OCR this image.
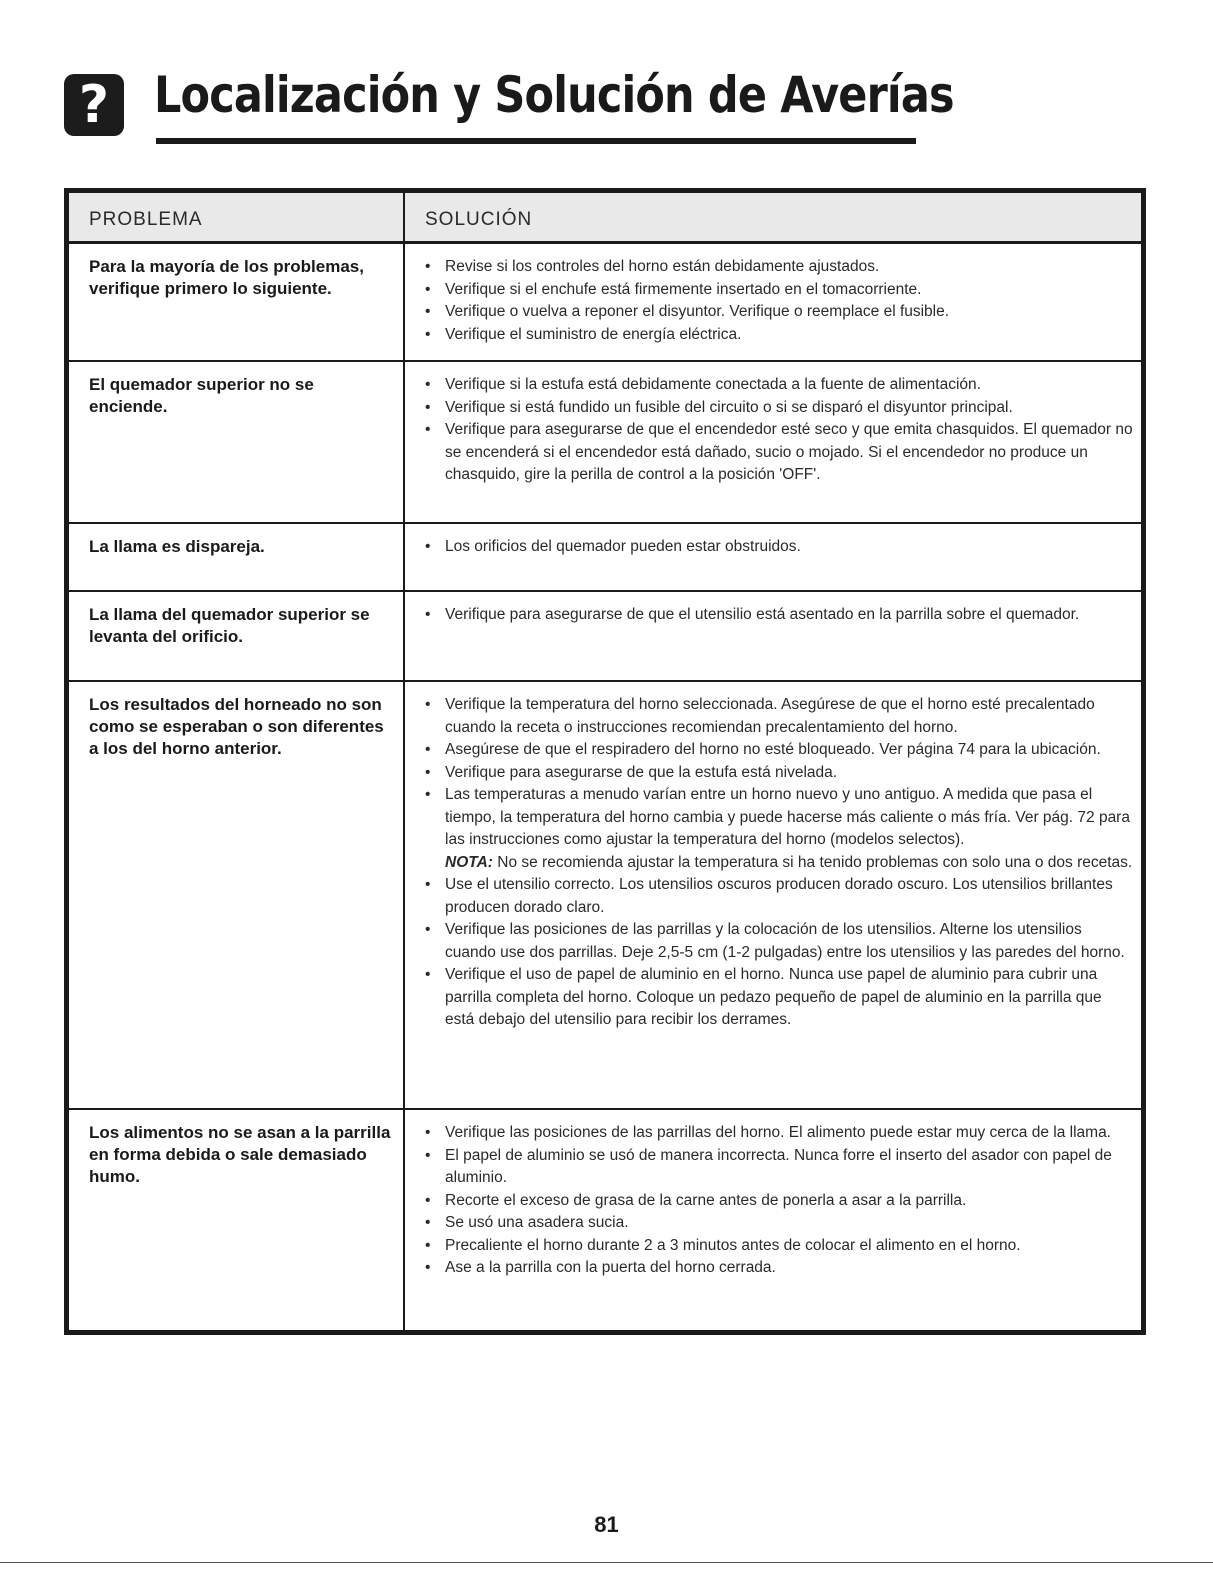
? Localización y Solución de Averías
PROBLEMA	SOLUCIÓN
Para la mayoría de los problemas, verifique primero lo siguiente.
• Revise si los controles del horno están debidamente ajustados.
• Verifique si el enchufe está firmemente insertado en el tomacorriente.
• Verifique o vuelva a reponer el disyuntor. Verifique o reemplace el fusible.
• Verifique el suministro de energía eléctrica.
El quemador superior no se enciende.
• Verifique si la estufa está debidamente conectada a la fuente de alimentación.
• Verifique si está fundido un fusible del circuito o si se disparó el disyuntor principal.
• Verifique para asegurarse de que el encendedor esté seco y que emita chasquidos. El quemador no se encenderá si el encendedor está dañado, sucio o mojado. Si el encendedor no produce un chasquido, gire la perilla de control a la posición 'OFF'.
La llama es dispareja.
•	Los orificios del quemador pueden estar obstruidos.
La llama del quemador superior se levanta del orificio.
• Verifique para asegurarse de que el utensilio está asentado en la parrilla sobre el quemador.
Los resultados del horneado no son como se esperaban o son diferentes a los del horno anterior.
• Verifique la temperatura del horno seleccionada. Asegúrese de que el horno esté precalentado cuando la receta o instrucciones recomiendan precalentamiento del horno.
• Asegúrese de que el respiradero del horno no esté bloqueado. Ver página 74 para la ubicación.
• Verifique para asegurarse de que la estufa está nivelada.
• Las temperaturas a menudo varían entre un horno nuevo y uno antiguo. A medida que pasa el tiempo, la temperatura del horno cambia y puede hacerse más caliente o más fría. Ver pág. 72 para las instrucciones como ajustar la temperatura del horno (modelos selectos).
NOTA: No se recomienda ajustar la temperatura si ha tenido problemas con solo una o dos recetas.
• Use el utensilio correcto. Los utensilios oscuros producen dorado oscuro. Los utensilios brillantes producen dorado claro.
• Verifique las posiciones de las parrillas y la colocación de los utensilios. Alterne los utensilios cuando use dos parrillas. Deje 2,5-5 cm (1-2 pulgadas) entre los utensilios y las paredes del horno.
• Verifique el uso de papel de aluminio en el horno. Nunca use papel de aluminio para cubrir una parrilla completa del horno. Coloque un pedazo pequeño de papel de aluminio en la parrilla que está debajo del utensilio para recibir los derrames.
Los alimentos no se asan a la parrilla en forma debida o sale demasiado humo.
• Verifique las posiciones de las parrillas del horno. El alimento puede estar muy cerca de la llama.
• El papel de aluminio se usó de manera incorrecta. Nunca forre el inserto del asador con papel de aluminio.
• Recorte el exceso de grasa de la carne antes de ponerla a asar a la parrilla.
• Se usó una asadera sucia.
• Precaliente el horno durante 2 a 3 minutos antes de colocar el alimento en el horno.
• Ase a la parrilla con la puerta del horno cerrada.
81
